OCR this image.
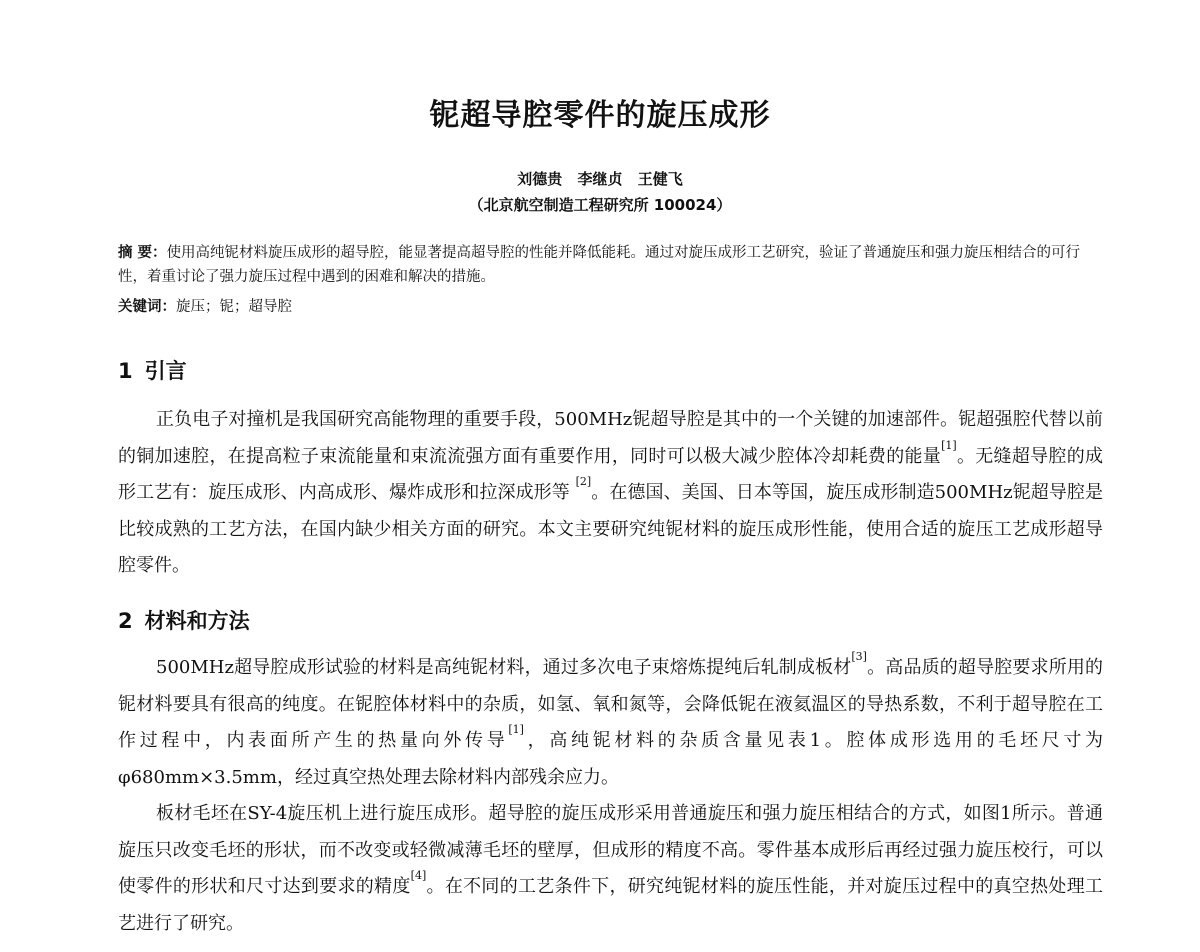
铌超导腔零件的旋压成形
刘德贵 李继贞 王健飞
（北京航空制造工程研究所 100024）
摘 要：使用高纯铌材料旋压成形的超导腔，能显著提高超导腔的性能并降低能耗。通过对旋压成形工艺研究，验证了普通旋压和强力旋压相结合的可行性，着重讨论了强力旋压过程中遇到的困难和解决的措施。
关键词：旋压；铌；超导腔
1 引言
正负电子对撞机是我国研究高能物理的重要手段，500MHz铌超导腔是其中的一个关键的加速部件。铌超强腔代替以前的铜加速腔，在提高粒子束流能量和束流流强方面有重要作用，同时可以极大减少腔体冷却耗费的能量[1]。无缝超导腔的成形工艺有：旋压成形、内高成形、爆炸成形和拉深成形等 [2]。在德国、美国、日本等国，旋压成形制造500MHz铌超导腔是比较成熟的工艺方法，在国内缺少相关方面的研究。本文主要研究纯铌材料的旋压成形性能，使用合适的旋压工艺成形超导腔零件。
2 材料和方法
500MHz超导腔成形试验的材料是高纯铌材料，通过多次电子束熔炼提纯后轧制成板材[3]。高品质的超导腔要求所用的铌材料要具有很高的纯度。在铌腔体材料中的杂质，如氢、氧和氮等，会降低铌在液氦温区的导热系数，不利于超导腔在工作过程中，内表面所产生的热量向外传导[1]，高纯铌材料的杂质含量见表1。腔体成形选用的毛坯尺寸为 φ680mm×3.5mm，经过真空热处理去除材料内部残余应力。
板材毛坯在SY-4旋压机上进行旋压成形。超导腔的旋压成形采用普通旋压和强力旋压相结合的方式，如图1所示。普通旋压只改变毛坯的形状，而不改变或轻微减薄毛坯的壁厚，但成形的精度不高。零件基本成形后再经过强力旋压校行，可以使零件的形状和尺寸达到要求的精度[4]。在不同的工艺条件下，研究纯铌材料的旋压性能，并对旋压过程中的真空热处理工艺进行了研究。
